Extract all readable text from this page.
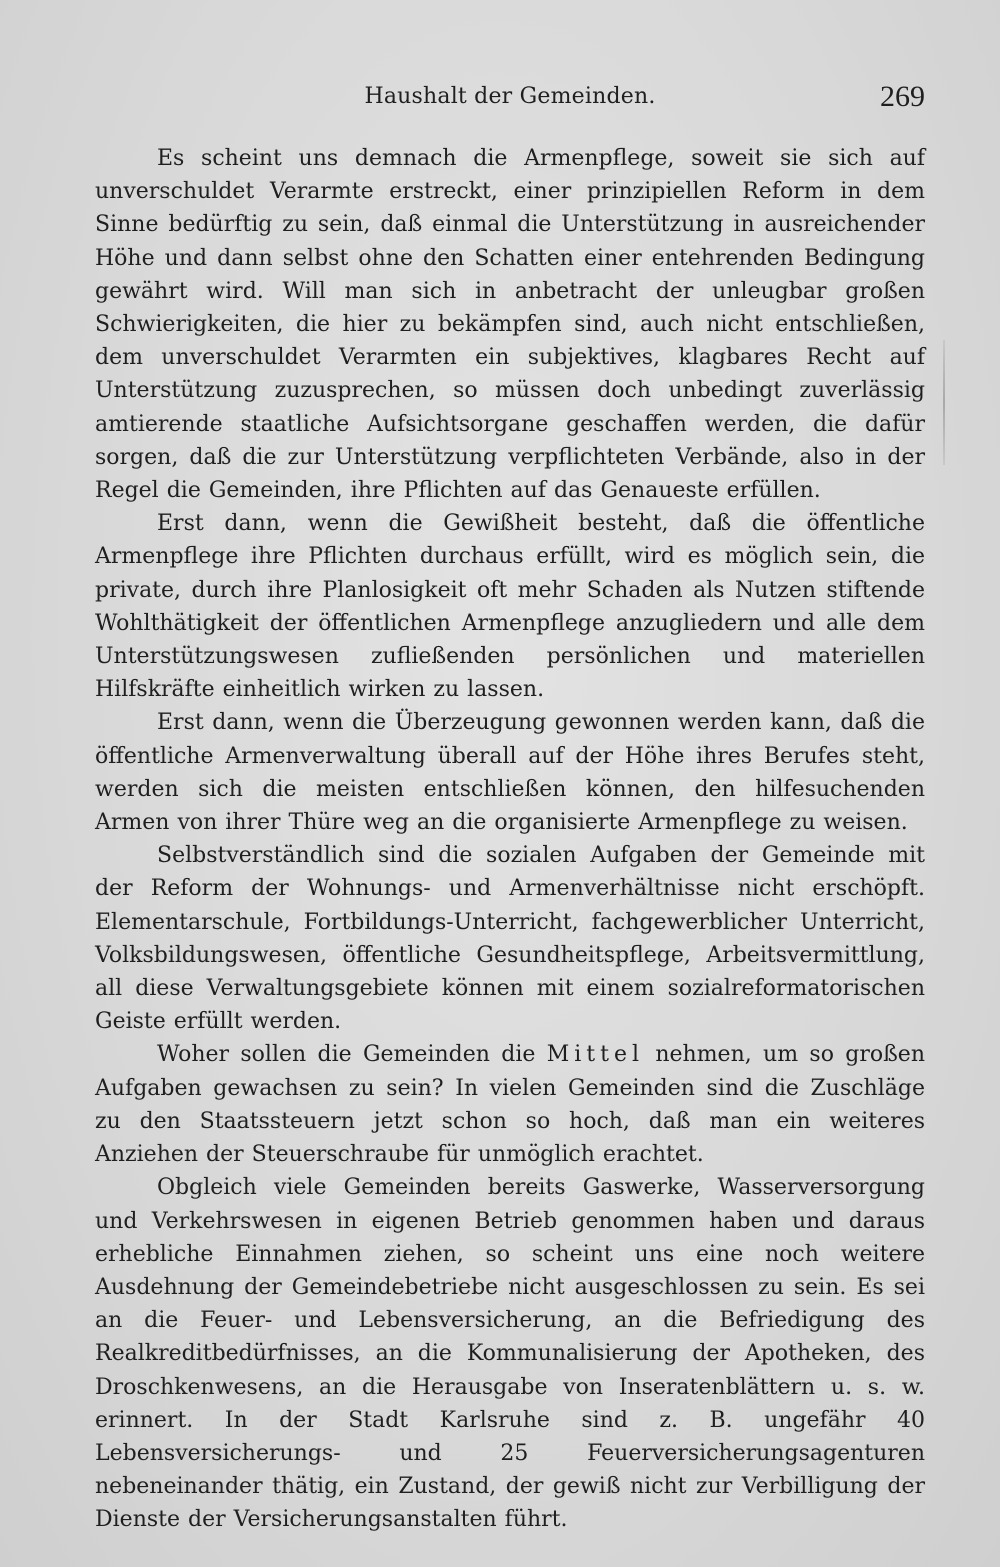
Haushalt der Gemeinden.	269

Es scheint uns demnach die Armenpflege, soweit sie sich auf unverschuldet Verarmte erstreckt, einer prinzipiellen Reform in dem Sinne bedürftig zu sein, daß einmal die Unterstützung in ausreichender Höhe und dann selbst ohne den Schatten einer entehrenden Bedingung gewährt wird. Will man sich in anbetracht der unleugbar großen Schwierigkeiten, die hier zu bekämpfen sind, auch nicht entschließen, dem unverschuldet Verarmten ein subjektives, klagbares Recht auf Unterstützung zuzusprechen, so müssen doch unbedingt zuverlässig amtierende staatliche Aufsichtsorgane geschaffen werden, die dafür sorgen, daß die zur Unterstützung verpflichteten Verbände, also in der Regel die Gemeinden, ihre Pflichten auf das Genaueste erfüllen.

Erst dann, wenn die Gewißheit besteht, daß die öffentliche Armenpflege ihre Pflichten durchaus erfüllt, wird es möglich sein, die private, durch ihre Planlosigkeit oft mehr Schaden als Nutzen stiftende Wohlthätigkeit der öffentlichen Armenpflege anzugliedern und alle dem Unterstützungswesen zufließenden persönlichen und materiellen Hilfskräfte einheitlich wirken zu lassen.

Erst dann, wenn die Überzeugung gewonnen werden kann, daß die öffentliche Armenverwaltung überall auf der Höhe ihres Berufes steht, werden sich die meisten entschließen können, den hilfesuchenden Armen von ihrer Thüre weg an die organisierte Armenpflege zu weisen.

Selbstverständlich sind die sozialen Aufgaben der Gemeinde mit der Reform der Wohnungs- und Armenverhältnisse nicht erschöpft. Elementarschule, Fortbildungs-Unterricht, fachgewerblicher Unterricht, Volksbildungswesen, öffentliche Gesundheitspflege, Arbeitsvermittlung, all diese Verwaltungsgebiete können mit einem sozialreformatorischen Geiste erfüllt werden.

Woher sollen die Gemeinden die Mittel nehmen, um so großen Aufgaben gewachsen zu sein? In vielen Gemeinden sind die Zuschläge zu den Staatssteuern jetzt schon so hoch, daß man ein weiteres Anziehen der Steuerschraube für unmöglich erachtet.

Obgleich viele Gemeinden bereits Gaswerke, Wasserversorgung und Verkehrswesen in eigenen Betrieb genommen haben und daraus erhebliche Einnahmen ziehen, so scheint uns eine noch weitere Ausdehnung der Gemeindebetriebe nicht ausgeschlossen zu sein. Es sei an die Feuer- und Lebensversicherung, an die Befriedigung des Realkreditbedürfnisses, an die Kommunalisierung der Apotheken, des Droschkenwesens, an die Herausgabe von Inseratenblättern u. s. w. erinnert. In der Stadt Karlsruhe sind z. B. ungefähr 40 Lebensversicherungs- und 25 Feuerversicherungsagenturen nebeneinander thätig, ein Zustand, der gewiß nicht zur Verbilligung der Dienste der Versicherungsanstalten führt.
